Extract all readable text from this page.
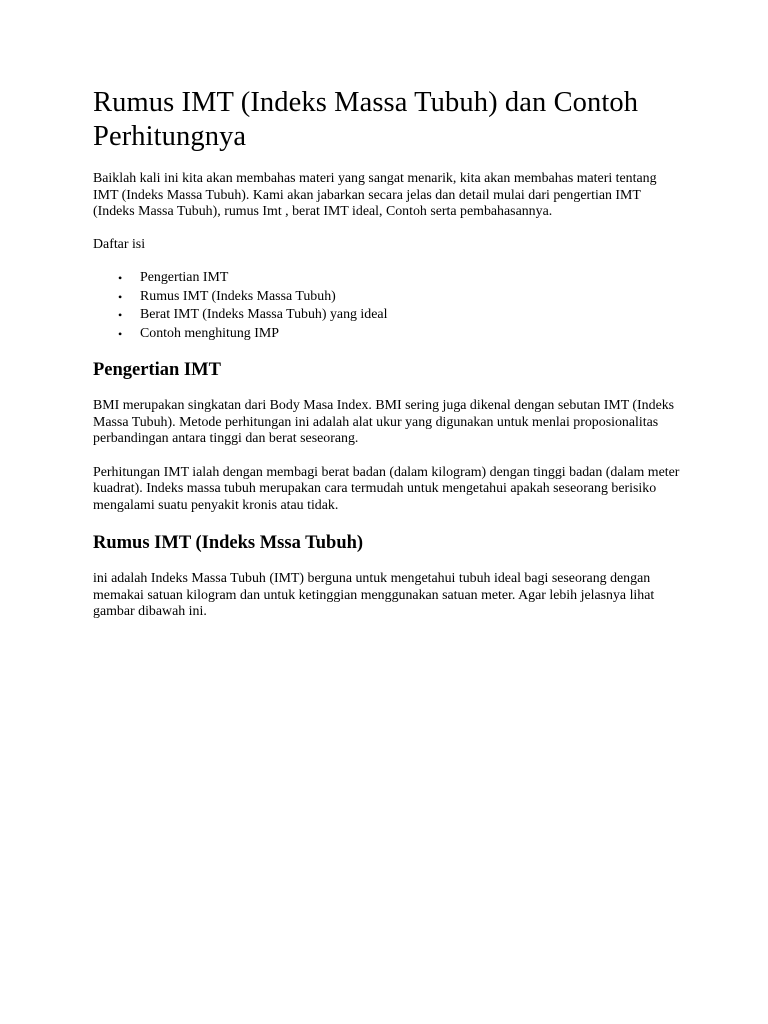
Rumus IMT (Indeks Massa Tubuh) dan Contoh Perhitungnya

Baiklah kali ini kita akan membahas materi yang sangat menarik, kita akan membahas materi tentang IMT (Indeks Massa Tubuh). Kami akan jabarkan secara jelas dan detail mulai dari pengertian IMT (Indeks Massa Tubuh), rumus Imt , berat IMT ideal, Contoh serta pembahasannya.

Daftar isi

• Pengertian IMT
• Rumus IMT (Indeks Massa Tubuh)
• Berat IMT (Indeks Massa Tubuh) yang ideal
• Contoh menghitung IMP
Pengertian IMT

BMI merupakan singkatan dari Body Masa Index. BMI sering juga dikenal dengan sebutan IMT (Indeks Massa Tubuh). Metode perhitungan ini adalah alat ukur yang digunakan untuk menlai proposionalitas perbandingan antara tinggi dan berat seseorang.

Perhitungan IMT ialah dengan membagi berat badan (dalam kilogram) dengan tinggi badan (dalam meter kuadrat). Indeks massa tubuh merupakan cara termudah untuk mengetahui apakah seseorang berisiko mengalami suatu penyakit kronis atau tidak.

Rumus IMT (Indeks Mssa Tubuh)

ini adalah Indeks Massa Tubuh (IMT) berguna untuk mengetahui tubuh ideal bagi seseorang dengan memakai satuan kilogram dan untuk ketinggian menggunakan satuan meter. Agar lebih jelasnya lihat gambar dibawah ini.
